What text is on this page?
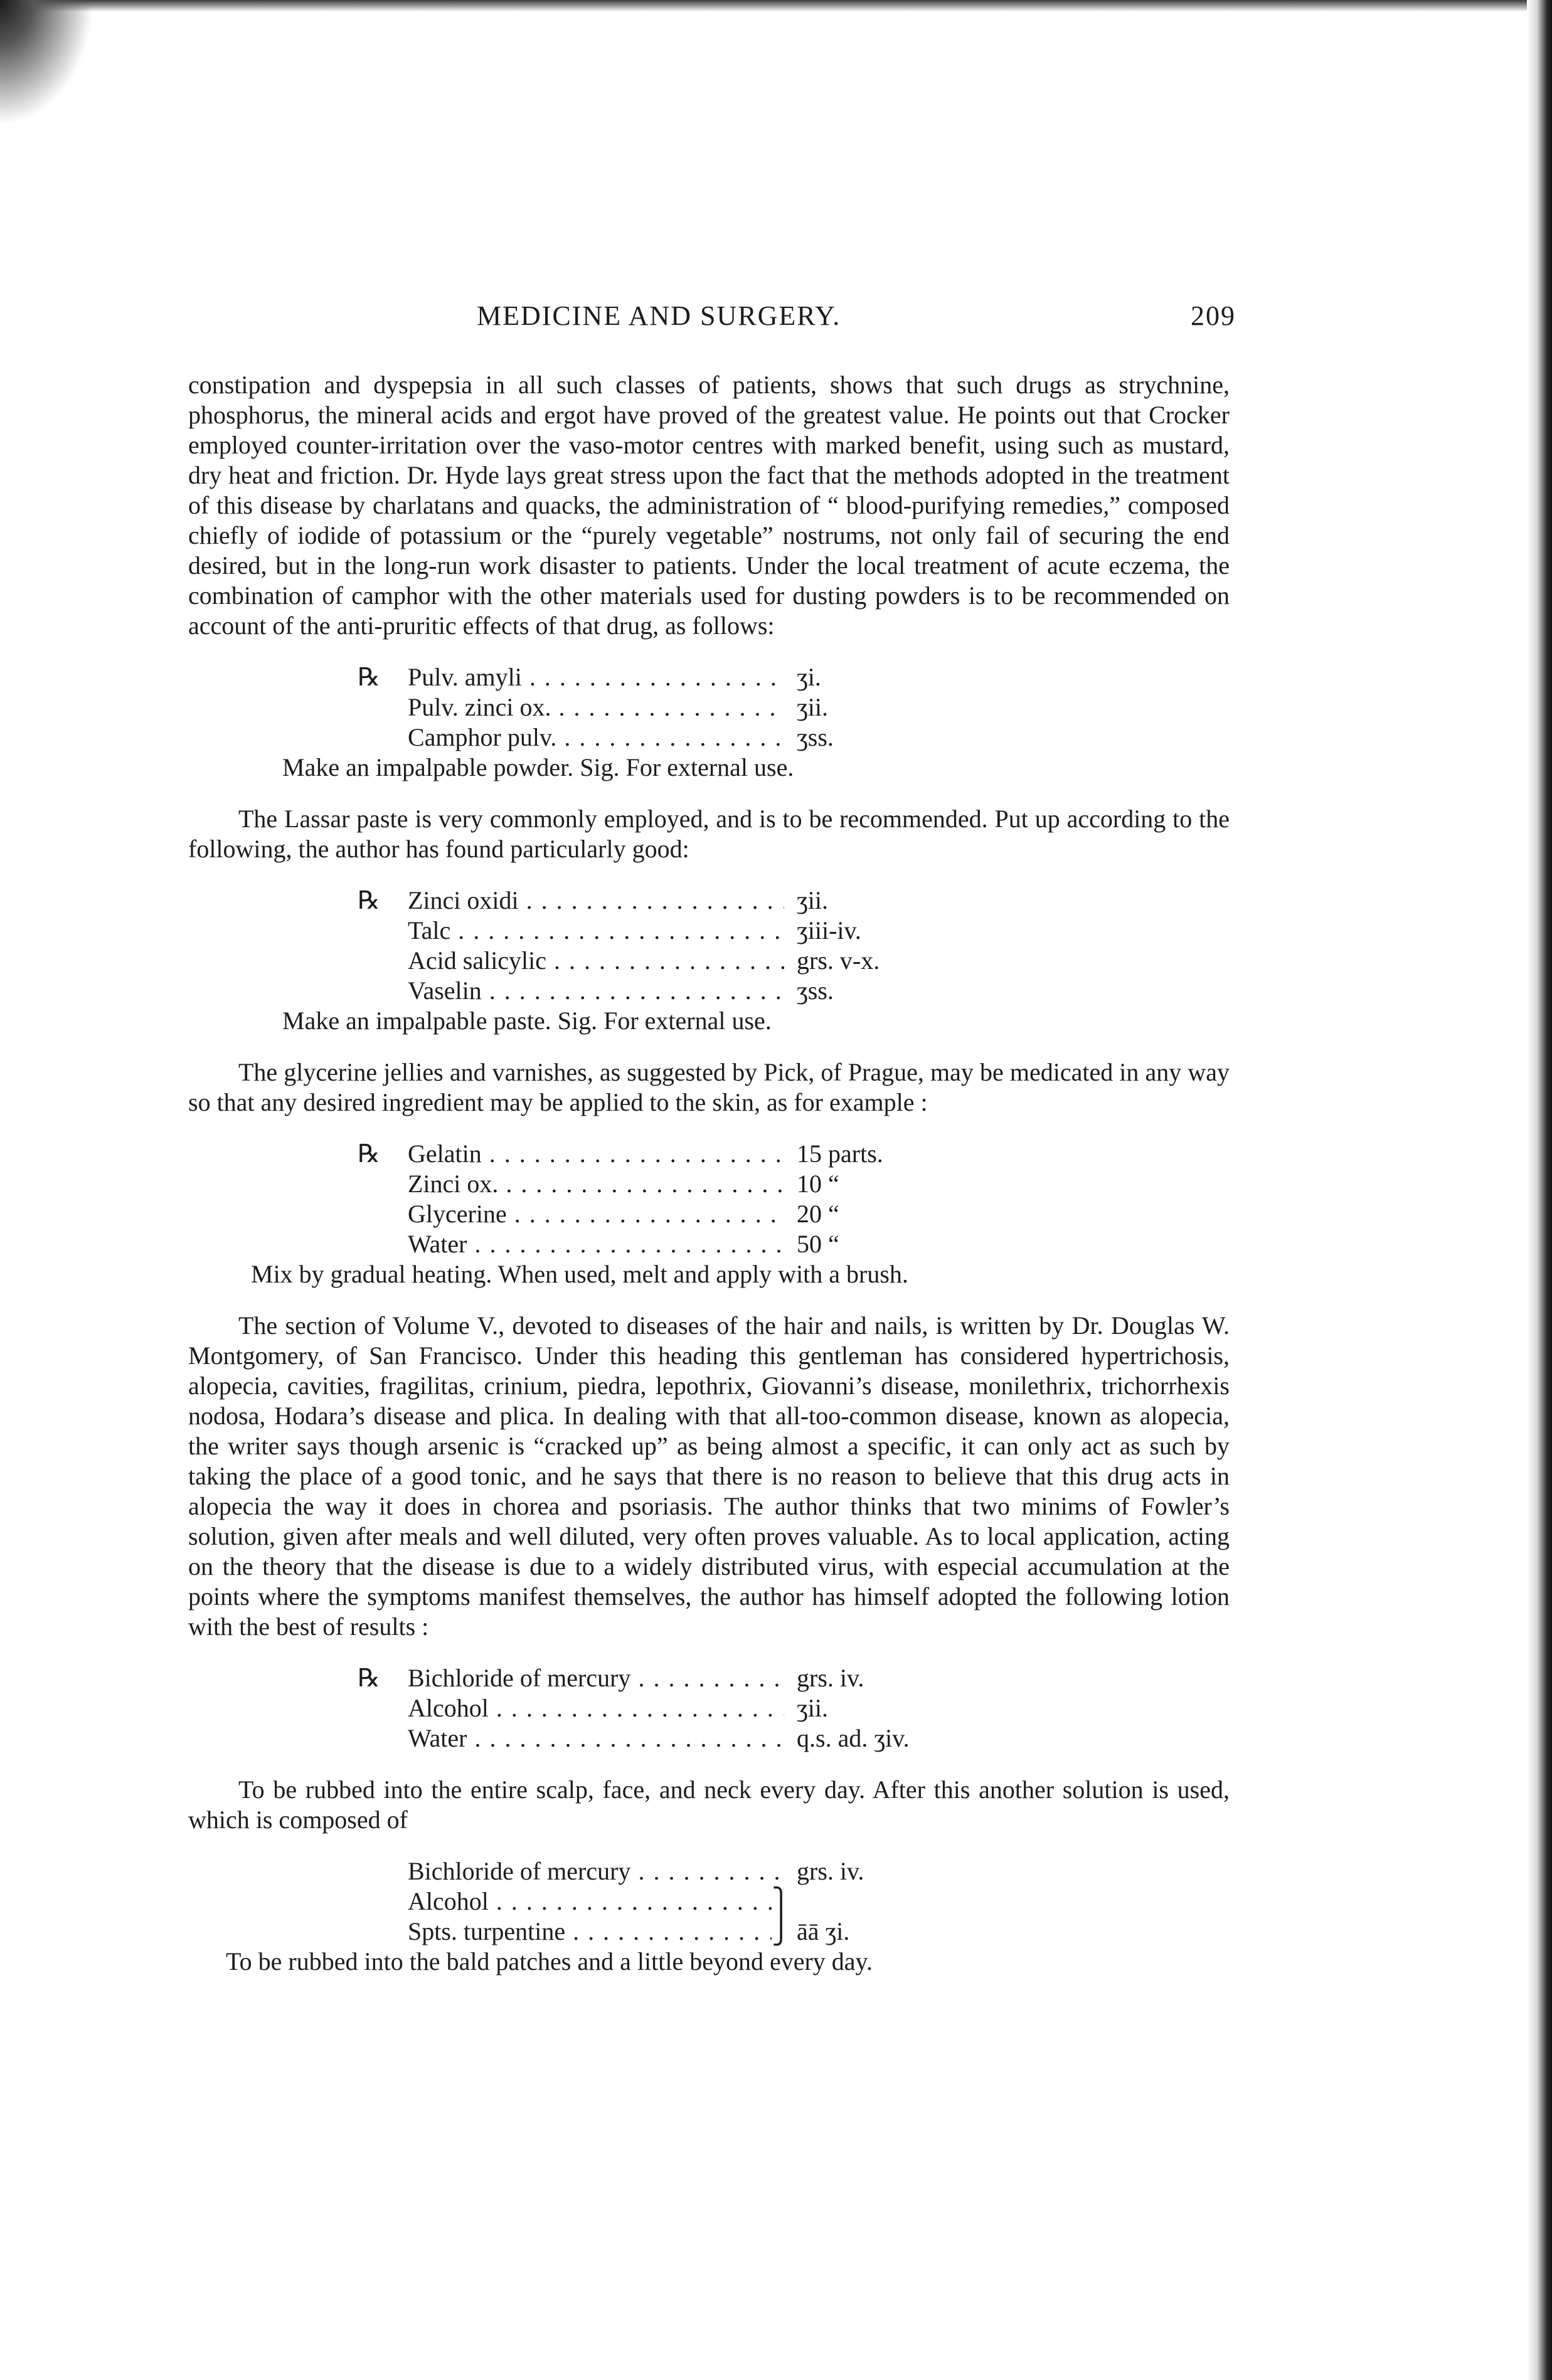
MEDICINE AND SURGERY.	209

constipation and dyspepsia in all such classes of patients, shows that such drugs as strychnine, phosphorus, the mineral acids and ergot have proved of the greatest value. He points out that Crocker employed counter-irritation over the vaso-motor centres with marked benefit, using such as mustard, dry heat and friction. Dr. Hyde lays great stress upon the fact that the methods adopted in the treatment of this disease by charlatans and quacks, the administration of “ blood-purifying remedies,” composed chiefly of iodide of potassium or the “purely vegetable” nostrums, not only fail of securing the end desired, but in the long-run work disaster to patients. Under the local treatment of acute eczema, the combination of camphor with the other materials used for dusting powders is to be recommended on account of the anti-pruritic effects of that drug, as follows:

℞	Pulv. amyli . . .	ʒi.
Pulv. zinci ox. . . .	ʒii.
Camphor pulv. . . .	ʒss.

Make an impalpable powder. Sig. For external use.

The Lassar paste is very commonly employed, and is to be recommended. Put up according to the following, the author has found particularly good:

℞	Zinci oxidi . . .	ʒii.
Talc . . .	ʒiii-iv.
Acid salicylic . . .	grs. v-x.
Vaselin . . .	ʒss.

Make an impalpable paste. Sig. For external use.

The glycerine jellies and varnishes, as suggested by Pick, of Prague, may be medicated in any way so that any desired ingredient may be applied to the skin, as for example :

℞	Gelatin . . .	15 parts.
Zinci ox. . . .	10 “
Glycerine . . .	20 “
Water . . .	50 “

Mix by gradual heating. When used, melt and apply with a brush.

The section of Volume V., devoted to diseases of the hair and nails, is written by Dr. Douglas W. Montgomery, of San Francisco. Under this heading this gentleman has considered hypertrichosis, alopecia, cavities, fragilitas, crinium, piedra, lepothrix, Giovanni’s disease, monilethrix, trichorrhexis nodosa, Hodara’s disease and plica. In dealing with that all-too-common disease, known as alopecia, the writer says though arsenic is “cracked up” as being almost a specific, it can only act as such by taking the place of a good tonic, and he says that there is no reason to believe that this drug acts in alopecia the way it does in chorea and psoriasis. The author thinks that two minims of Fowler’s solution, given after meals and well diluted, very often proves valuable. As to local application, acting on the theory that the disease is due to a widely distributed virus, with especial accumulation at the points where the symptoms manifest themselves, the author has himself adopted the following lotion with the best of results :

℞	Bichloride of mercury . . .	grs. iv.
Alcohol . . .	ʒii.
Water . . .	q.s. ad. ʒiv.

To be rubbed into the entire scalp, face, and neck every day. After this another solution is used, which is composed of

Bichloride of mercury . . .	grs. iv.
Alcohol . . .	⎫
Spts. turpentine . . .	⎭ āā ʒi.

To be rubbed into the bald patches and a little beyond every day.
